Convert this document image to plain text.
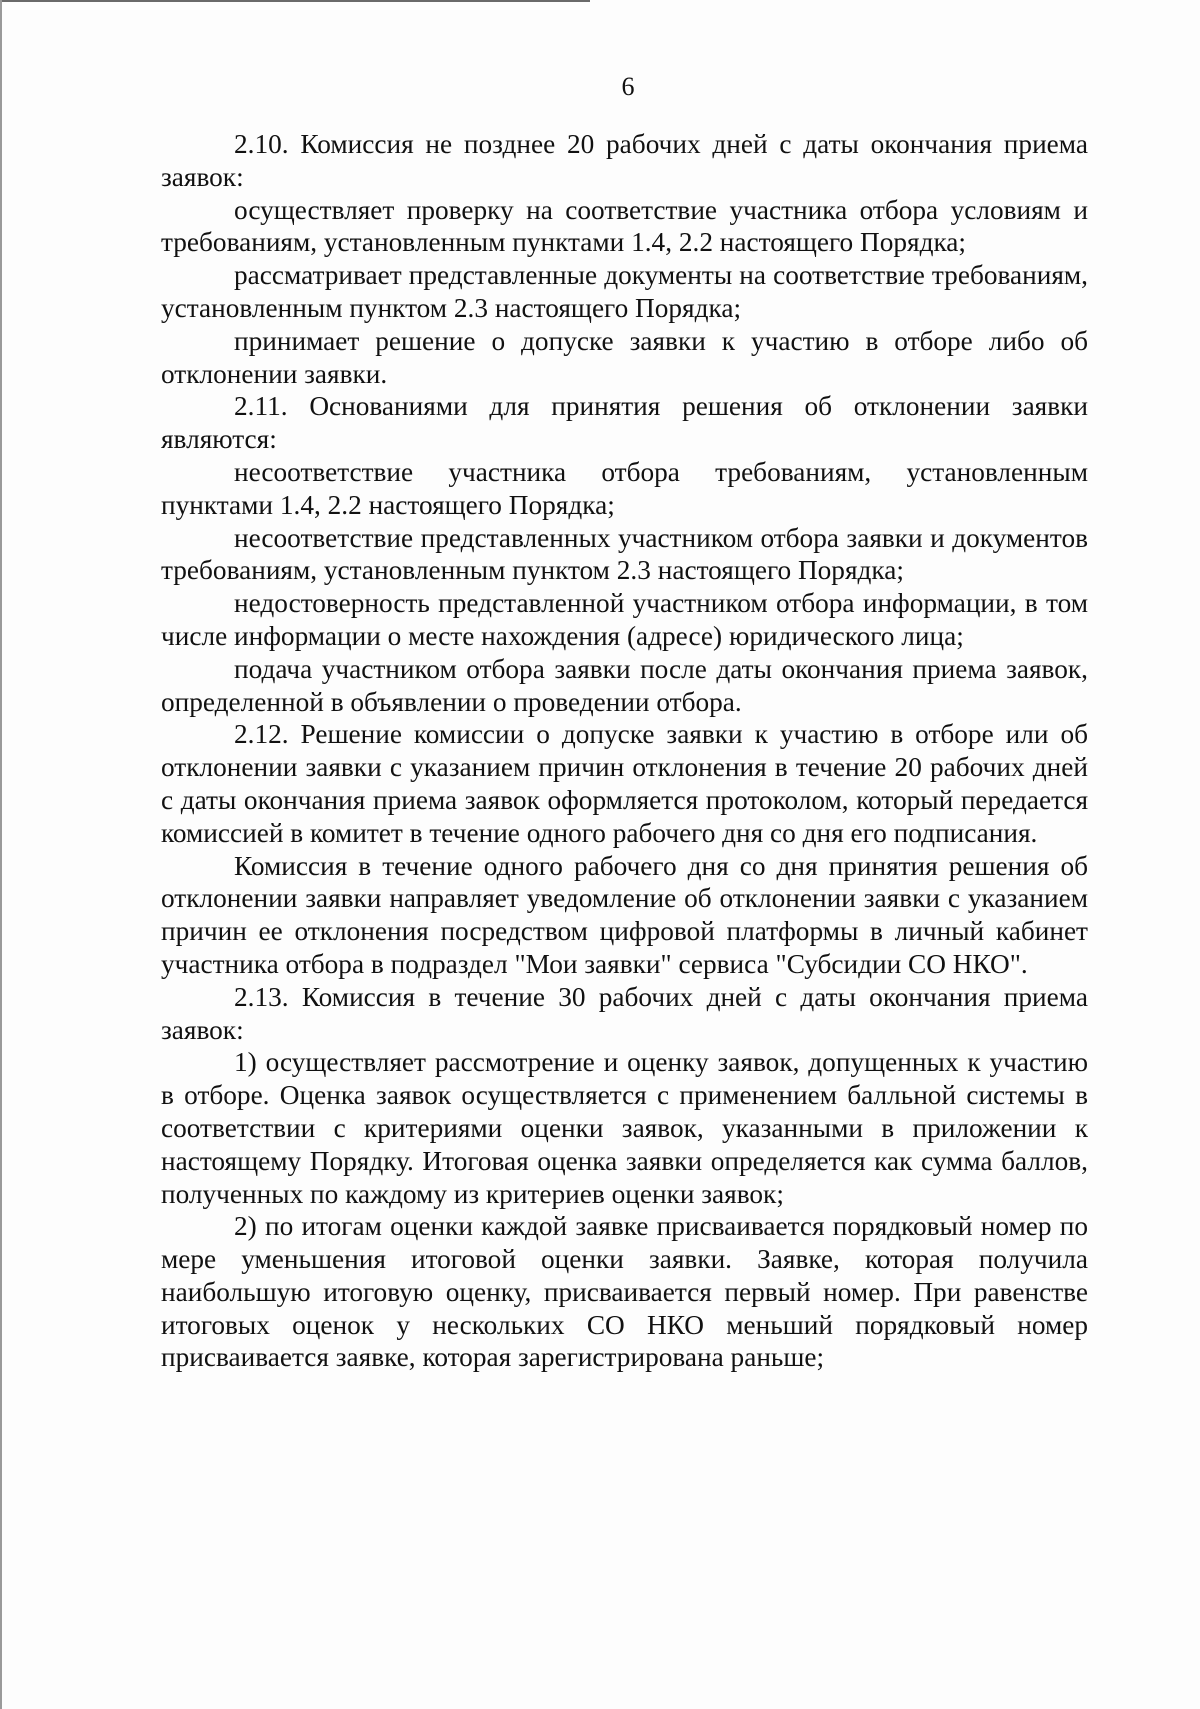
6

2.10. Комиссия не позднее 20 рабочих дней с даты окончания приема заявок:

осуществляет проверку на соответствие участника отбора условиям и требованиям, установленным пунктами 1.4, 2.2 настоящего Порядка;

рассматривает представленные документы на соответствие требованиям, установленным пунктом 2.3 настоящего Порядка;

принимает решение о допуске заявки к участию в отборе либо об отклонении заявки.

2.11. Основаниями для принятия решения об отклонении заявки являются:

несоответствие участника отбора требованиям, установленным пунктами 1.4, 2.2 настоящего Порядка;

несоответствие представленных участником отбора заявки и документов требованиям, установленным пунктом 2.3 настоящего Порядка;

недостоверность представленной участником отбора информации, в том числе информации о месте нахождения (адресе) юридического лица;

подача участником отбора заявки после даты окончания приема заявок, определенной в объявлении о проведении отбора.

2.12. Решение комиссии о допуске заявки к участию в отборе или об отклонении заявки с указанием причин отклонения в течение 20 рабочих дней с даты окончания приема заявок оформляется протоколом, который передается комиссией в комитет в течение одного рабочего дня со дня его подписания.

Комиссия в течение одного рабочего дня со дня принятия решения об отклонении заявки направляет уведомление об отклонении заявки с указанием причин ее отклонения посредством цифровой платформы в личный кабинет участника отбора в подраздел "Мои заявки" сервиса "Субсидии СО НКО".

2.13. Комиссия в течение 30 рабочих дней с даты окончания приема заявок:

1) осуществляет рассмотрение и оценку заявок, допущенных к участию в отборе. Оценка заявок осуществляется с применением балльной системы в соответствии с критериями оценки заявок, указанными в приложении к настоящему Порядку. Итоговая оценка заявки определяется как сумма баллов, полученных по каждому из критериев оценки заявок;

2) по итогам оценки каждой заявке присваивается порядковый номер по мере уменьшения итоговой оценки заявки. Заявке, которая получила наибольшую итоговую оценку, присваивается первый номер. При равенстве итоговых оценок у нескольких СО НКО меньший порядковый номер присваивается заявке, которая зарегистрирована раньше;
